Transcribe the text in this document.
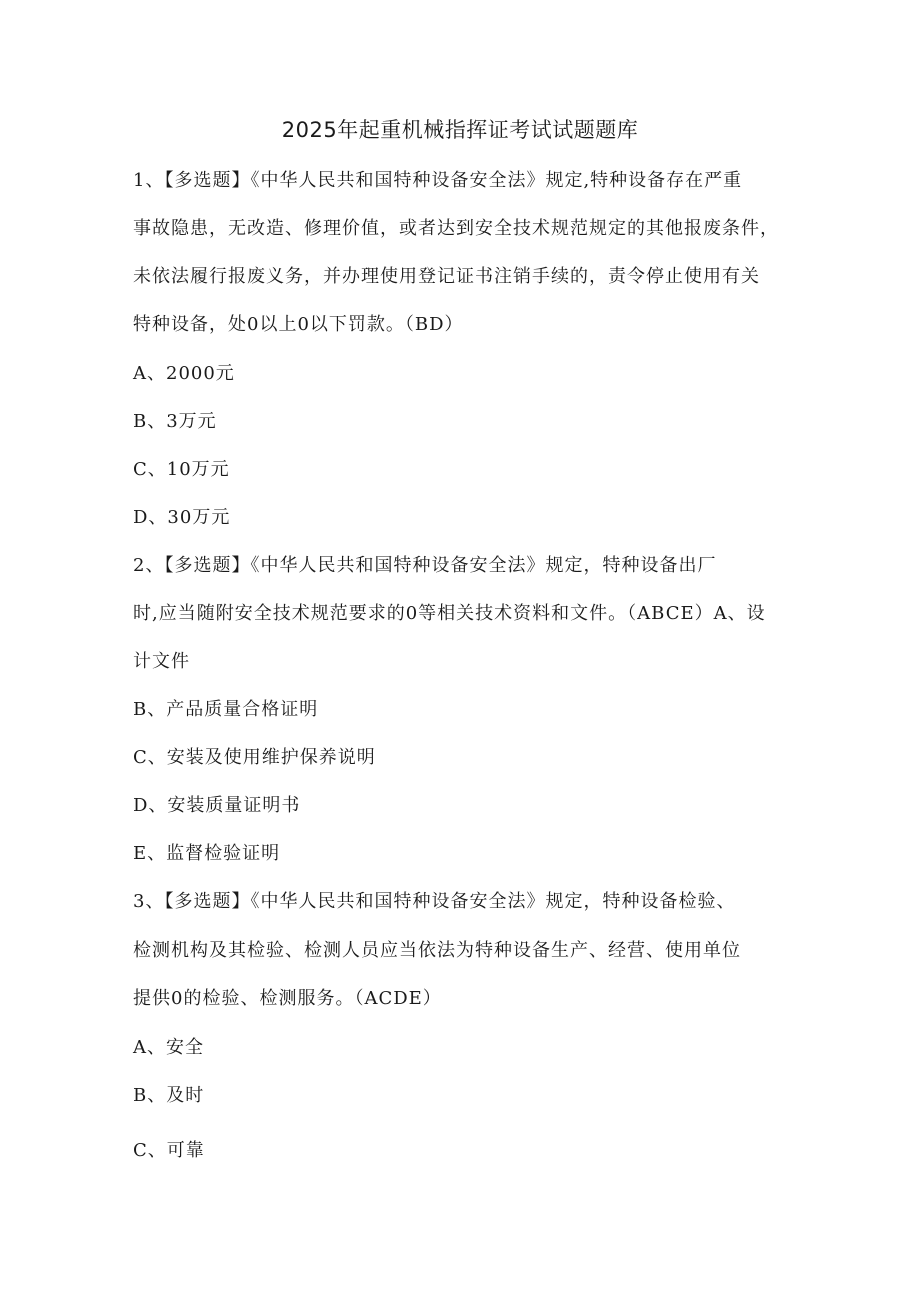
2025年起重机械指挥证考试试题题库
1、【多选题】《中华人民共和国特种设备安全法》规定,特种设备存在严重
事故隐患，无改造、修理价值，或者达到安全技术规范规定的其他报废条件，
未依法履行报废义务，并办理使用登记证书注销手续的，责令停止使用有关
特种设备，处0以上0以下罚款。（BD）
A、2000元
B、3万元
C、10万元
D、30万元
2、【多选题】《中华人民共和国特种设备安全法》规定，特种设备出厂
时,应当随附安全技术规范要求的0等相关技术资料和文件。（ABCE）A、设
计文件
B、产品质量合格证明
C、安装及使用维护保养说明
D、安装质量证明书
E、监督检验证明
3、【多选题】《中华人民共和国特种设备安全法》规定，特种设备检验、
检测机构及其检验、检测人员应当依法为特种设备生产、经营、使用单位
提供0的检验、检测服务。（ACDE）
A、安全
B、及时
C、可靠
